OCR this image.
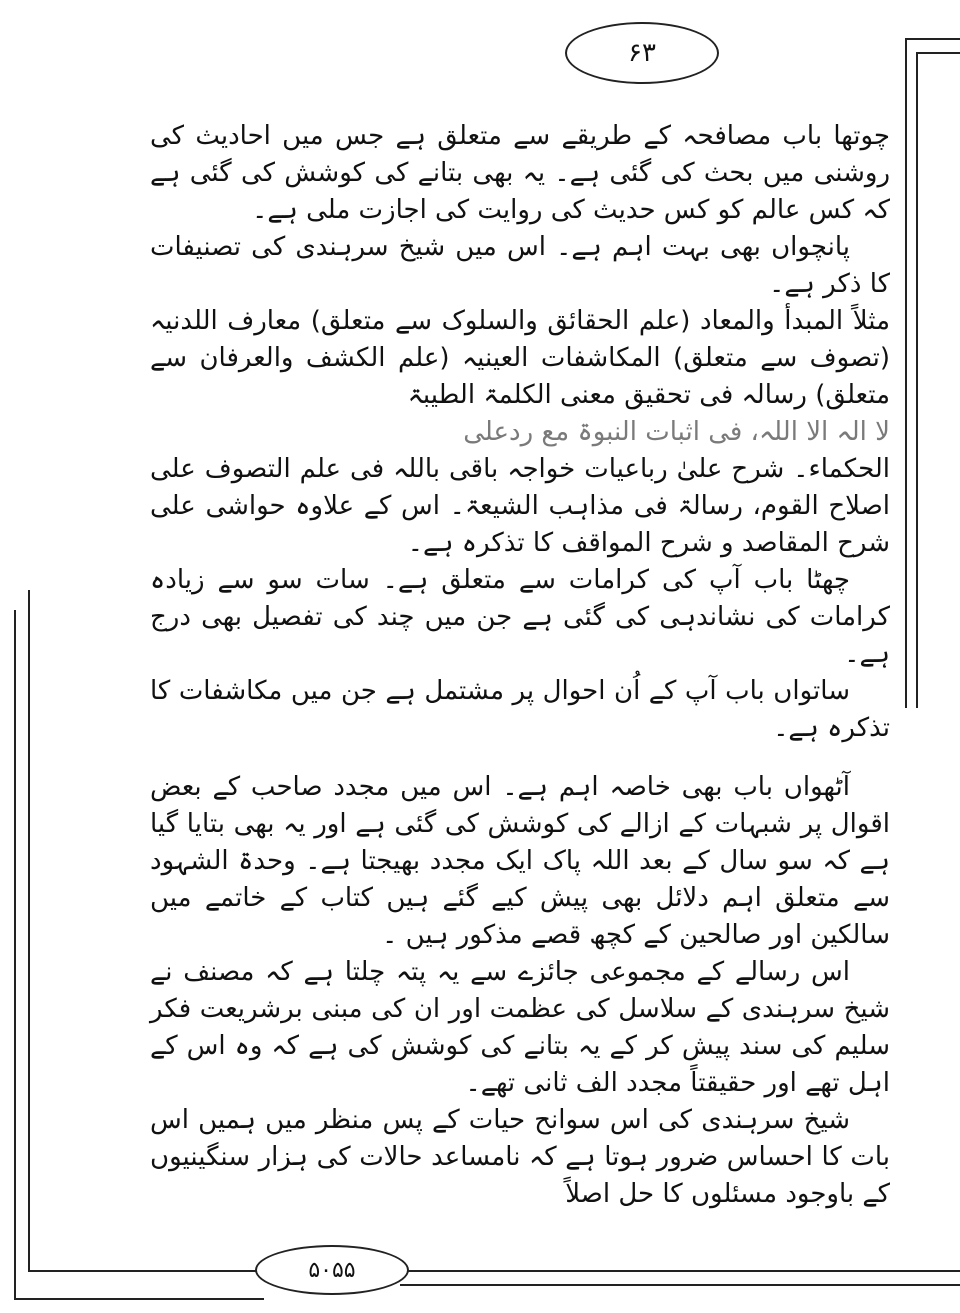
۶۳
۵۰۵۵

چوتھا باب مصافحہ کے طریقے سے متعلق ہے جس میں احادیث کی روشنی میں بحث کی گئی ہے۔ یہ بھی بتانے کی کوشش کی گئی ہے کہ کس عالم کو کس حدیث کی روایت کی اجازت ملی ہے۔

پانچواں بھی بہت اہم ہے۔ اس میں شیخ سرہندی کی تصنیفات کا ذکر ہے۔

مثلاً المبدأ والمعاد (علم الحقائق والسلوک سے متعلق) معارف اللدنیہ (تصوف سے متعلق) المکاشفات العینیہ (علم الکشف والعرفان سے متعلق) رسالہ فی تحقیق معنی الکلمۃ الطیبۃ

لا الہ الا اللہ، فی اثبات النبوۃ مع ردعلی

الحکماء۔ شرح علیٰ رباعیات خواجہ باقی باللہ فی علم التصوف علی اصلاح القوم، رسالۃ فی مذاہب الشیعۃ۔ اس کے علاوہ حواشی علی شرح المقاصد و شرح المواقف کا تذکرہ ہے۔

چھٹا باب آپ کی کرامات سے متعلق ہے۔ سات سو سے زیادہ کرامات کی نشاندہی کی گئی ہے جن میں چند کی تفصیل بھی درج ہے۔

ساتواں باب آپ کے اُن احوال پر مشتمل ہے جن میں مکاشفات کا تذکرہ ہے۔

آٹھواں باب بھی خاصہ اہم ہے۔ اس میں مجدد صاحب کے بعض اقوال پر شبہات کے ازالے کی کوشش کی گئی ہے اور یہ بھی بتایا گیا ہے کہ سو سال کے بعد اللہ پاک ایک مجدد بھیجتا ہے۔ وحدۃ الشہود سے متعلق اہم دلائل بھی پیش کیے گئے ہیں کتاب کے خاتمے میں سالکین اور صالحین کے کچھ قصے مذکور ہیں ۔

اس رسالے کے مجموعی جائزے سے یہ پتہ چلتا ہے کہ مصنف نے شیخ سرہندی کے سلاسل کی عظمت اور ان کی مبنی برشریعت فکر سلیم کی سند پیش کر کے یہ بتانے کی کوشش کی ہے کہ وہ اس کے اہل تھے اور حقیقتاً مجدد الف ثانی تھے۔

شیخ سرہندی کی اس سوانح حیات کے پس منظر میں ہمیں اس بات کا احساس ضرور ہوتا ہے کہ نامساعد حالات کی ہزار سنگینیوں کے باوجود مسئلوں کا حل اصلاً
